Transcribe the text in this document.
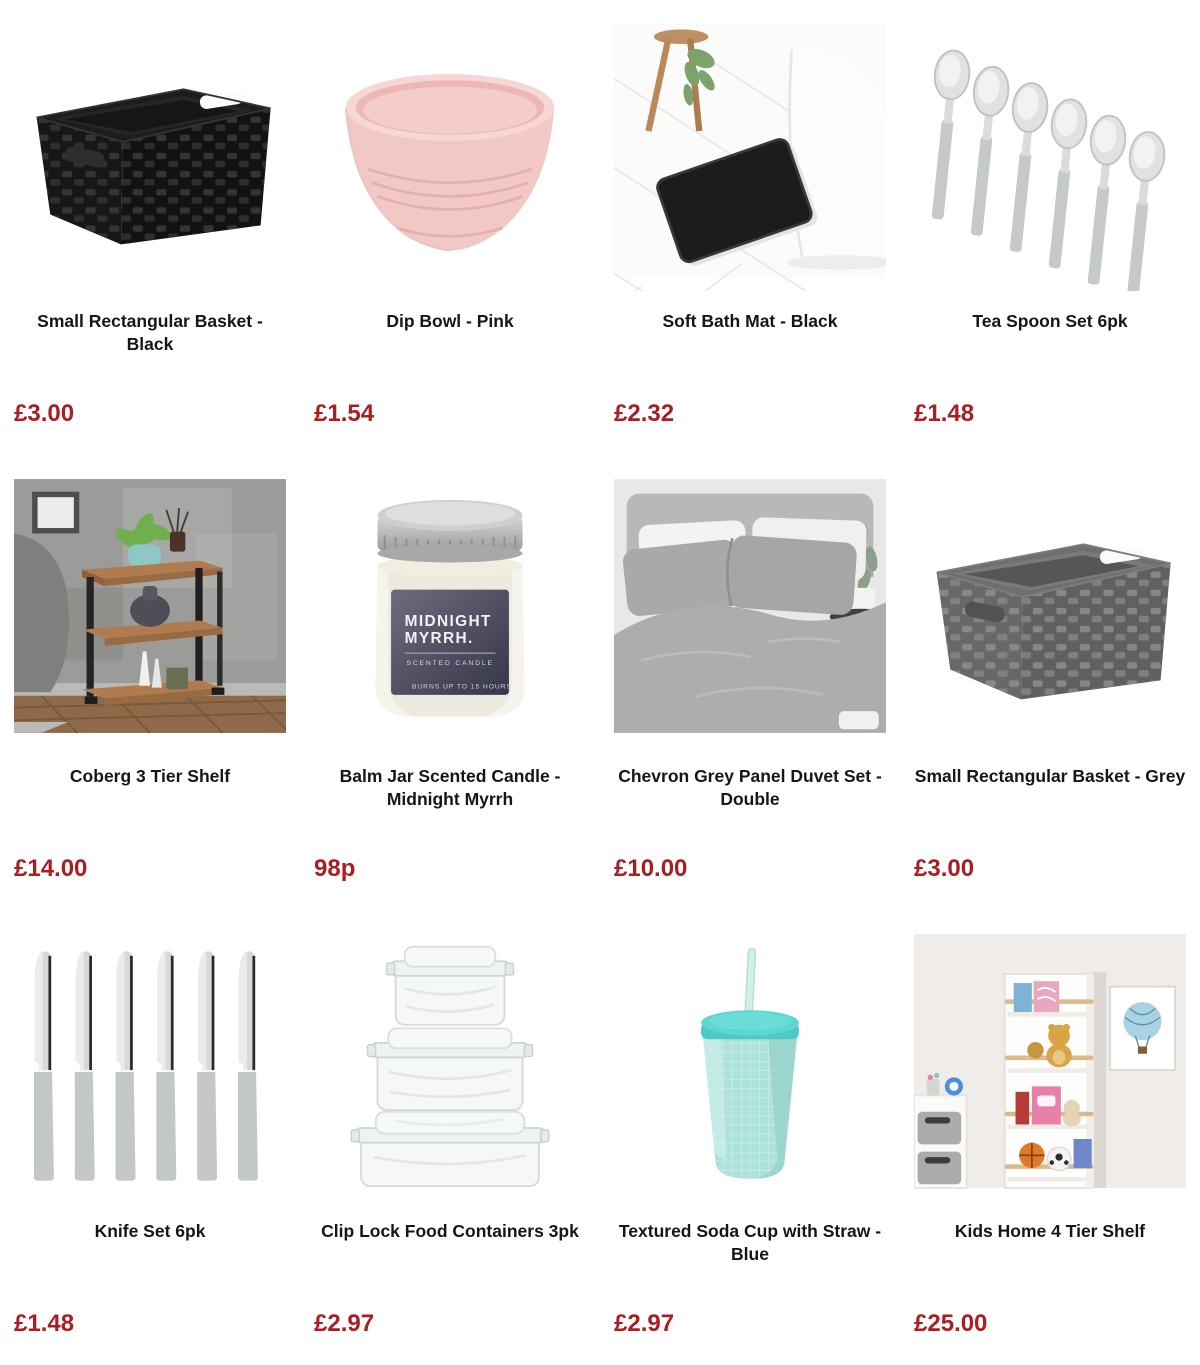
Small Rectangular Basket - Black
£3.00
Dip Bowl - Pink
£1.54
Soft Bath Mat - Black
£2.32
Tea Spoon Set 6pk
£1.48
Coberg 3 Tier Shelf
£14.00
MIDNIGHT
MYRRH.
SCENTED CANDLE
BURNS UP TO 15 HOURS
Balm Jar Scented Candle - Midnight Myrrh
98p
Chevron Grey Panel Duvet Set - Double
£10.00
Small Rectangular Basket - Grey
£3.00
Knife Set 6pk
£1.48
Clip Lock Food Containers 3pk
£2.97
Textured Soda Cup with Straw - Blue
£2.97
Kids Home 4 Tier Shelf
£25.00
